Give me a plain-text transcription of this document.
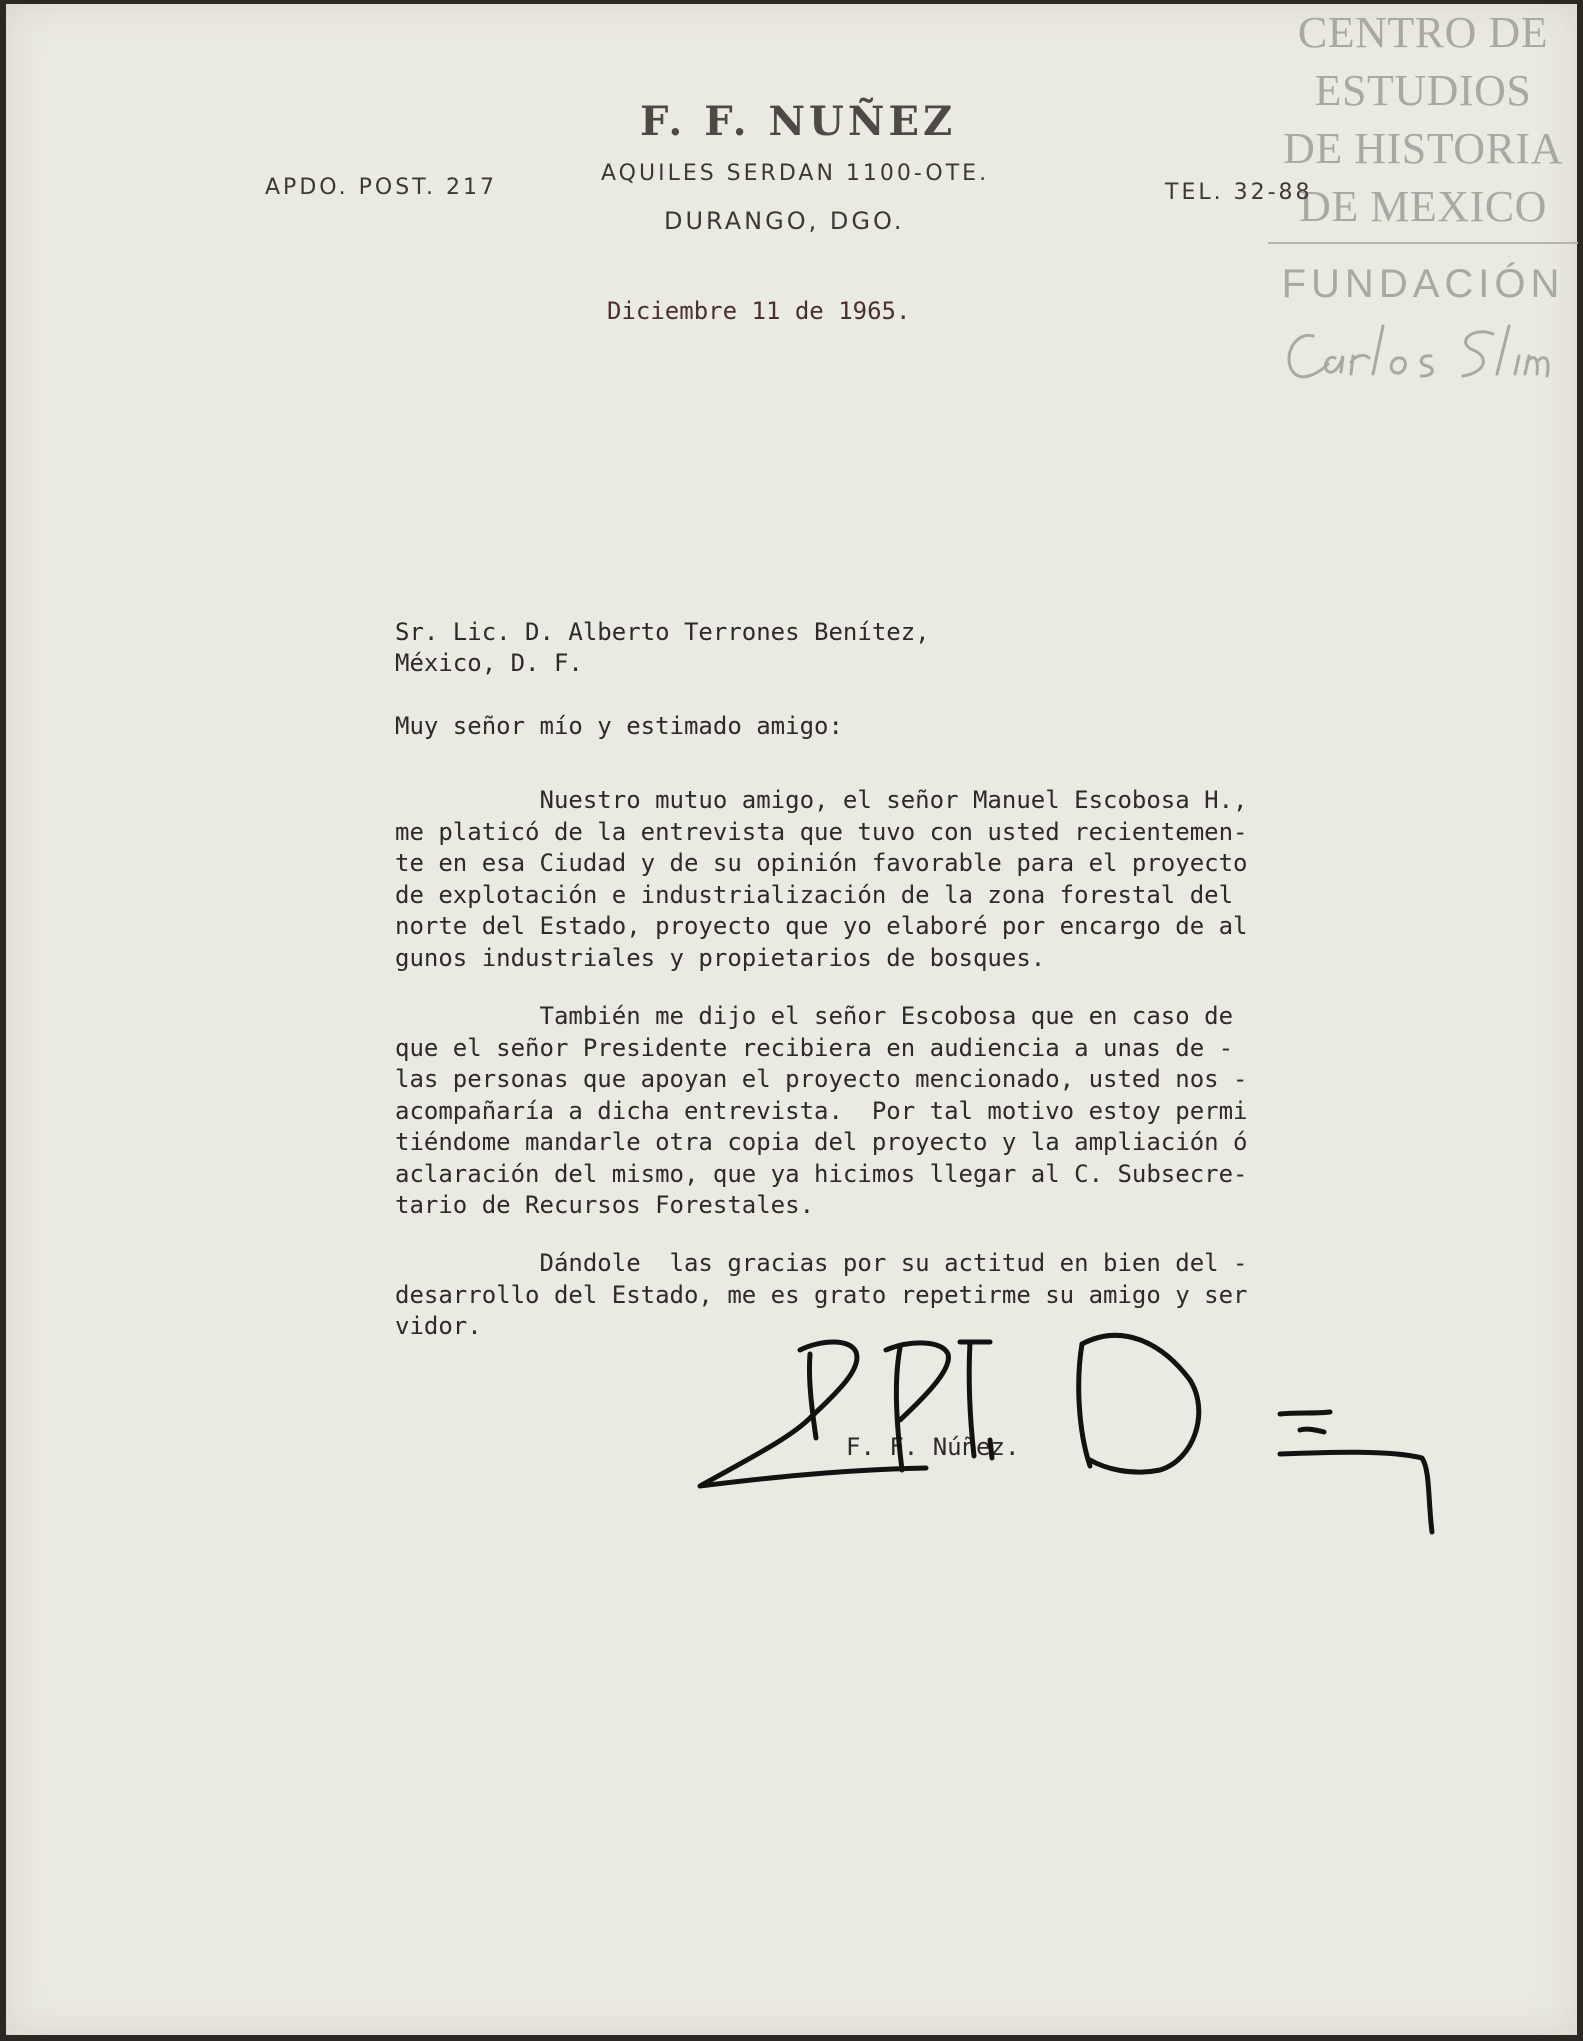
CENTRO DE
ESTUDIOS
DE HISTORIA
DE MEXICO
FUNDACIÓN
F. F. NUÑEZ
APDO. POST. 217
AQUILES SERDAN 1100-OTE.
DURANGO, DGO.
TEL. 32-88
Diciembre 11 de 1965.
Sr. Lic. D. Alberto Terrones Benítez,
México, D. F.
Muy señor mío y estimado amigo:
Nuestro mutuo amigo, el señor Manuel Escobosa H.,
me platicó de la entrevista que tuvo con usted recientemen-
te en esa Ciudad y de su opinión favorable para el proyecto
de explotación e industrialización de la zona forestal del
norte del Estado, proyecto que yo elaboré por encargo de al
gunos industriales y propietarios de bosques.
También me dijo el señor Escobosa que en caso de
que el señor Presidente recibiera en audiencia a unas de -
las personas que apoyan el proyecto mencionado, usted nos -
acompañaría a dicha entrevista.  Por tal motivo estoy permi
tiéndome mandarle otra copia del proyecto y la ampliación ó
aclaración del mismo, que ya hicimos llegar al C. Subsecre-
tario de Recursos Forestales.
Dándole  las gracias por su actitud en bien del -
desarrollo del Estado, me es grato repetirme su amigo y ser
vidor.
F. F. Núñez.
